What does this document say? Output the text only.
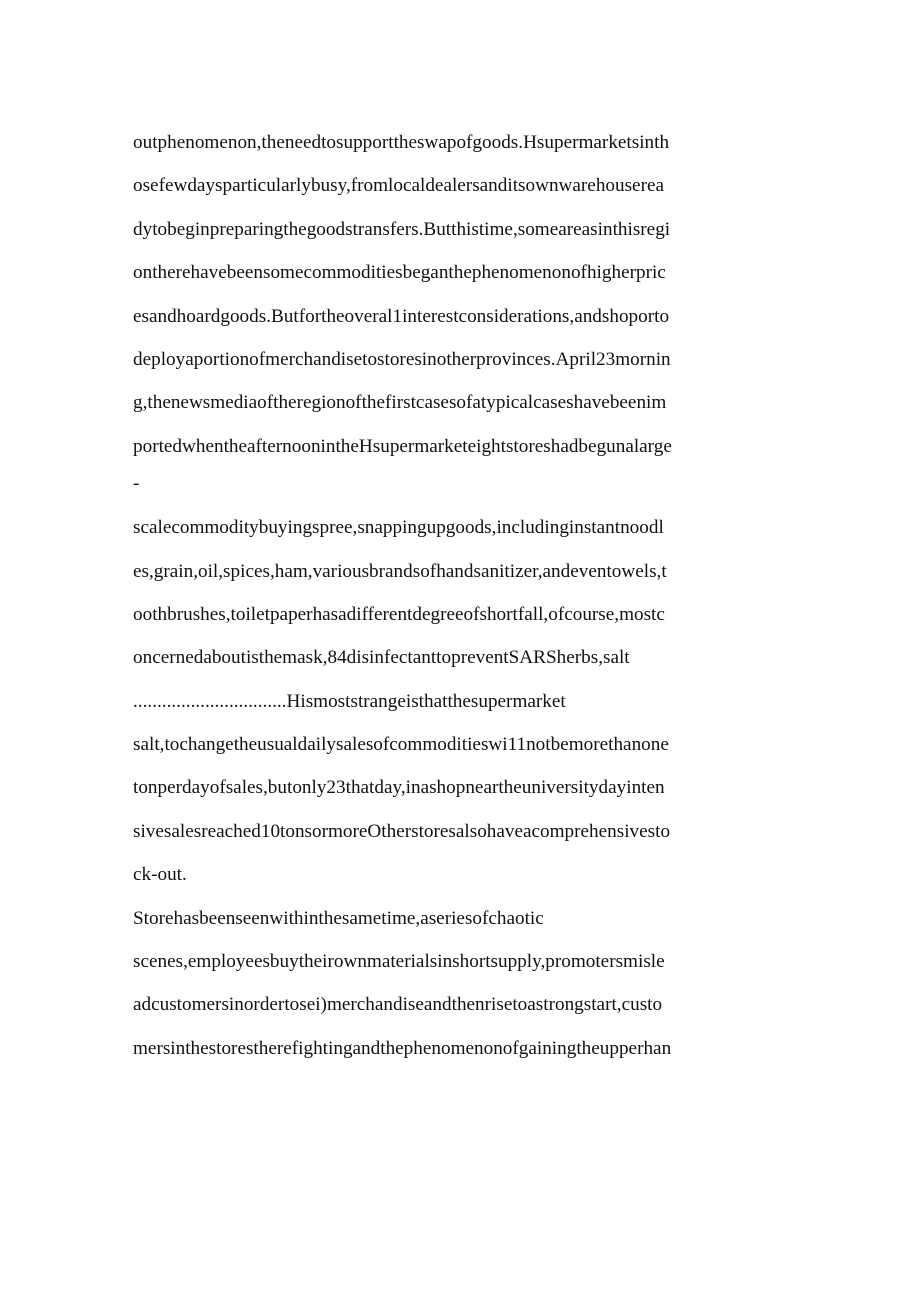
outphenomenon,theneedtosupporttheswapofgoods.Hsupermarketsinth
osefewdaysparticularlybusy,fromlocaldealersanditsownwarehouserea
dytobeginpreparingthegoodstransfers.Butthistime,someareasinthisregi
ontherehavebeensomecommoditiesbeganthephenomenonofhigherpric
esandhoardgoods.Butfortheoveral1interestconsiderations,andshoporto
deployaportionofmerchandisetostoresinotherprovinces.April23mornin
g,thenewsmediaoftheregionofthefirstcasesofatypicalcaseshavebeenim
portedwhentheafternoonintheHsupermarketeightstoreshadbegunalarge
-
scalecommoditybuyingspree,snappingupgoods,includinginstantnoodl
es,grain,oil,spices,ham,variousbrandsofhandsanitizer,andeventowels,t
oothbrushes,toiletpaperhasadifferentdegreeofshortfall,ofcourse,mostc
oncernedaboutisthemask,84disinfectanttopreventSARSherbs,salt
................................Hismoststrangeisthatthesupermarket
salt,tochangetheusualdailysalesofcommoditieswi11notbemorethanone
tonperdayofsales,butonly23thatday,inashopneartheuniversitydayinten
sivesalesreached10tonsormoreOtherstoresalsohaveacomprehensivesto
ck-out.
Storehasbeenseenwithinthesametime,aseriesofchaotic
scenes,employeesbuytheirownmaterialsinshortsupply,promotersmisle
adcustomersinordertosei)merchandiseandthenrisetoastrongstart,custo
mersinthestorestherefightingandthephenomenonofgainingtheupperhan
